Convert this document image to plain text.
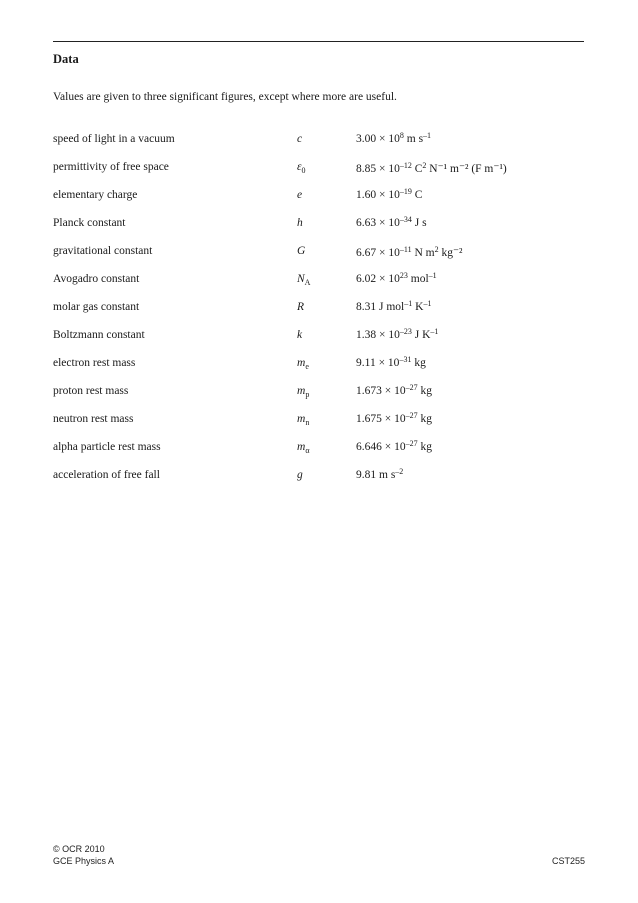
Data
Values are given to three significant figures, except where more are useful.
speed of light in a vacuum	c	$3.00 \times 10^8$ m $s^{-1}$
permittivity of free space	$\varepsilon_0$	$8.85 \times 10^{-12}$ $C^2$ N⁻¹ m⁻² (F m⁻¹)
elementary charge	e	$1.60 \times 10^{-19}$ C
Planck constant	h	$6.63 \times 10^{-34}$ J s
gravitational constant	G	$6.67 \times 10^{-11}$ N $m^2$ kg⁻²
Avogadro constant	$N_A$	$6.02 \times 10^{23}$ mol$^{-1}$
molar gas constant	R	8.31 J mol$^{-1}$ $K^{-1}$
Boltzmann constant	k	$1.38 \times 10^{-23}$ J $K^{-1}$
electron rest mass	$m_e$	$9.11 \times 10^{-31}$ kg
proton rest mass	$m_p$	$1.673 \times 10^{-27}$ kg
neutron rest mass	$m_n$	$1.675 \times 10^{-27}$ kg
alpha particle rest mass	$m_\alpha$	$6.646 \times 10^{-27}$ kg
acceleration of free fall	g	9.81 m $s^{-2}$
© OCR 2010
GCE Physics A	CST255
